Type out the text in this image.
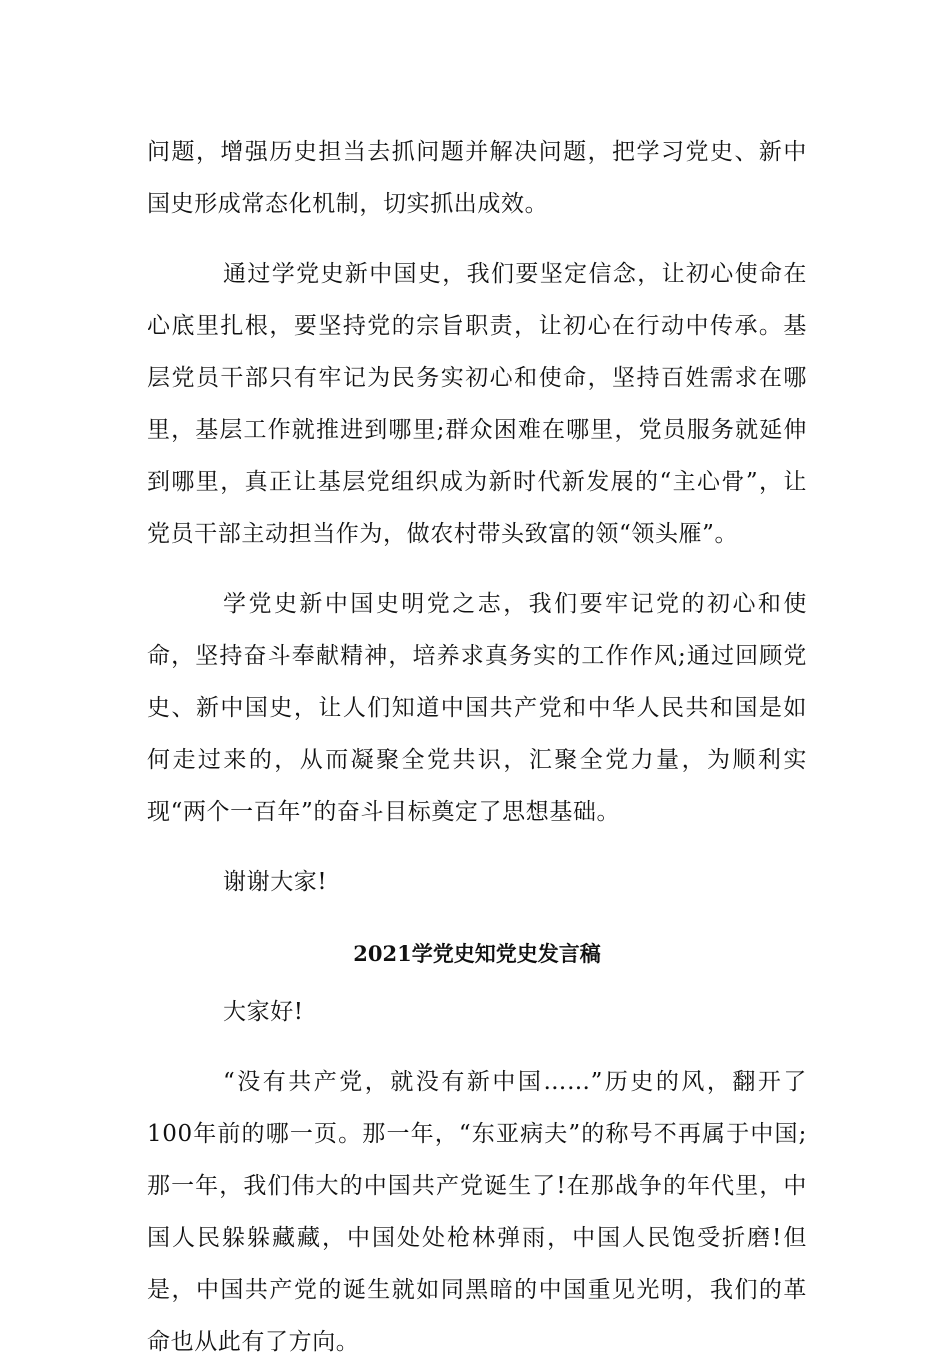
问题，增强历史担当去抓问题并解决问题，把学习党史、新中国史形成常态化机制，切实抓出成效。

通过学党史新中国史，我们要坚定信念，让初心使命在心底里扎根，要坚持党的宗旨职责，让初心在行动中传承。基层党员干部只有牢记为民务实初心和使命，坚持百姓需求在哪里，基层工作就推进到哪里;群众困难在哪里，党员服务就延伸到哪里，真正让基层党组织成为新时代新发展的“主心骨”，让党员干部主动担当作为，做农村带头致富的领“领头雁”。

学党史新中国史明党之志，我们要牢记党的初心和使命，坚持奋斗奉献精神，培养求真务实的工作作风;通过回顾党史、新中国史，让人们知道中国共产党和中华人民共和国是如何走过来的，从而凝聚全党共识，汇聚全党力量，为顺利实现“两个一百年”的奋斗目标奠定了思想基础。

谢谢大家!

2021学党史知党史发言稿

大家好!

“没有共产党，就没有新中国……”历史的风，翻开了100年前的哪一页。那一年，“东亚病夫”的称号不再属于中国;那一年，我们伟大的中国共产党诞生了!在那战争的年代里，中国人民躲躲藏藏，中国处处枪林弹雨，中国人民饱受折磨!但是，中国共产党的诞生就如同黑暗的中国重见光明，我们的革命也从此有了方向。
